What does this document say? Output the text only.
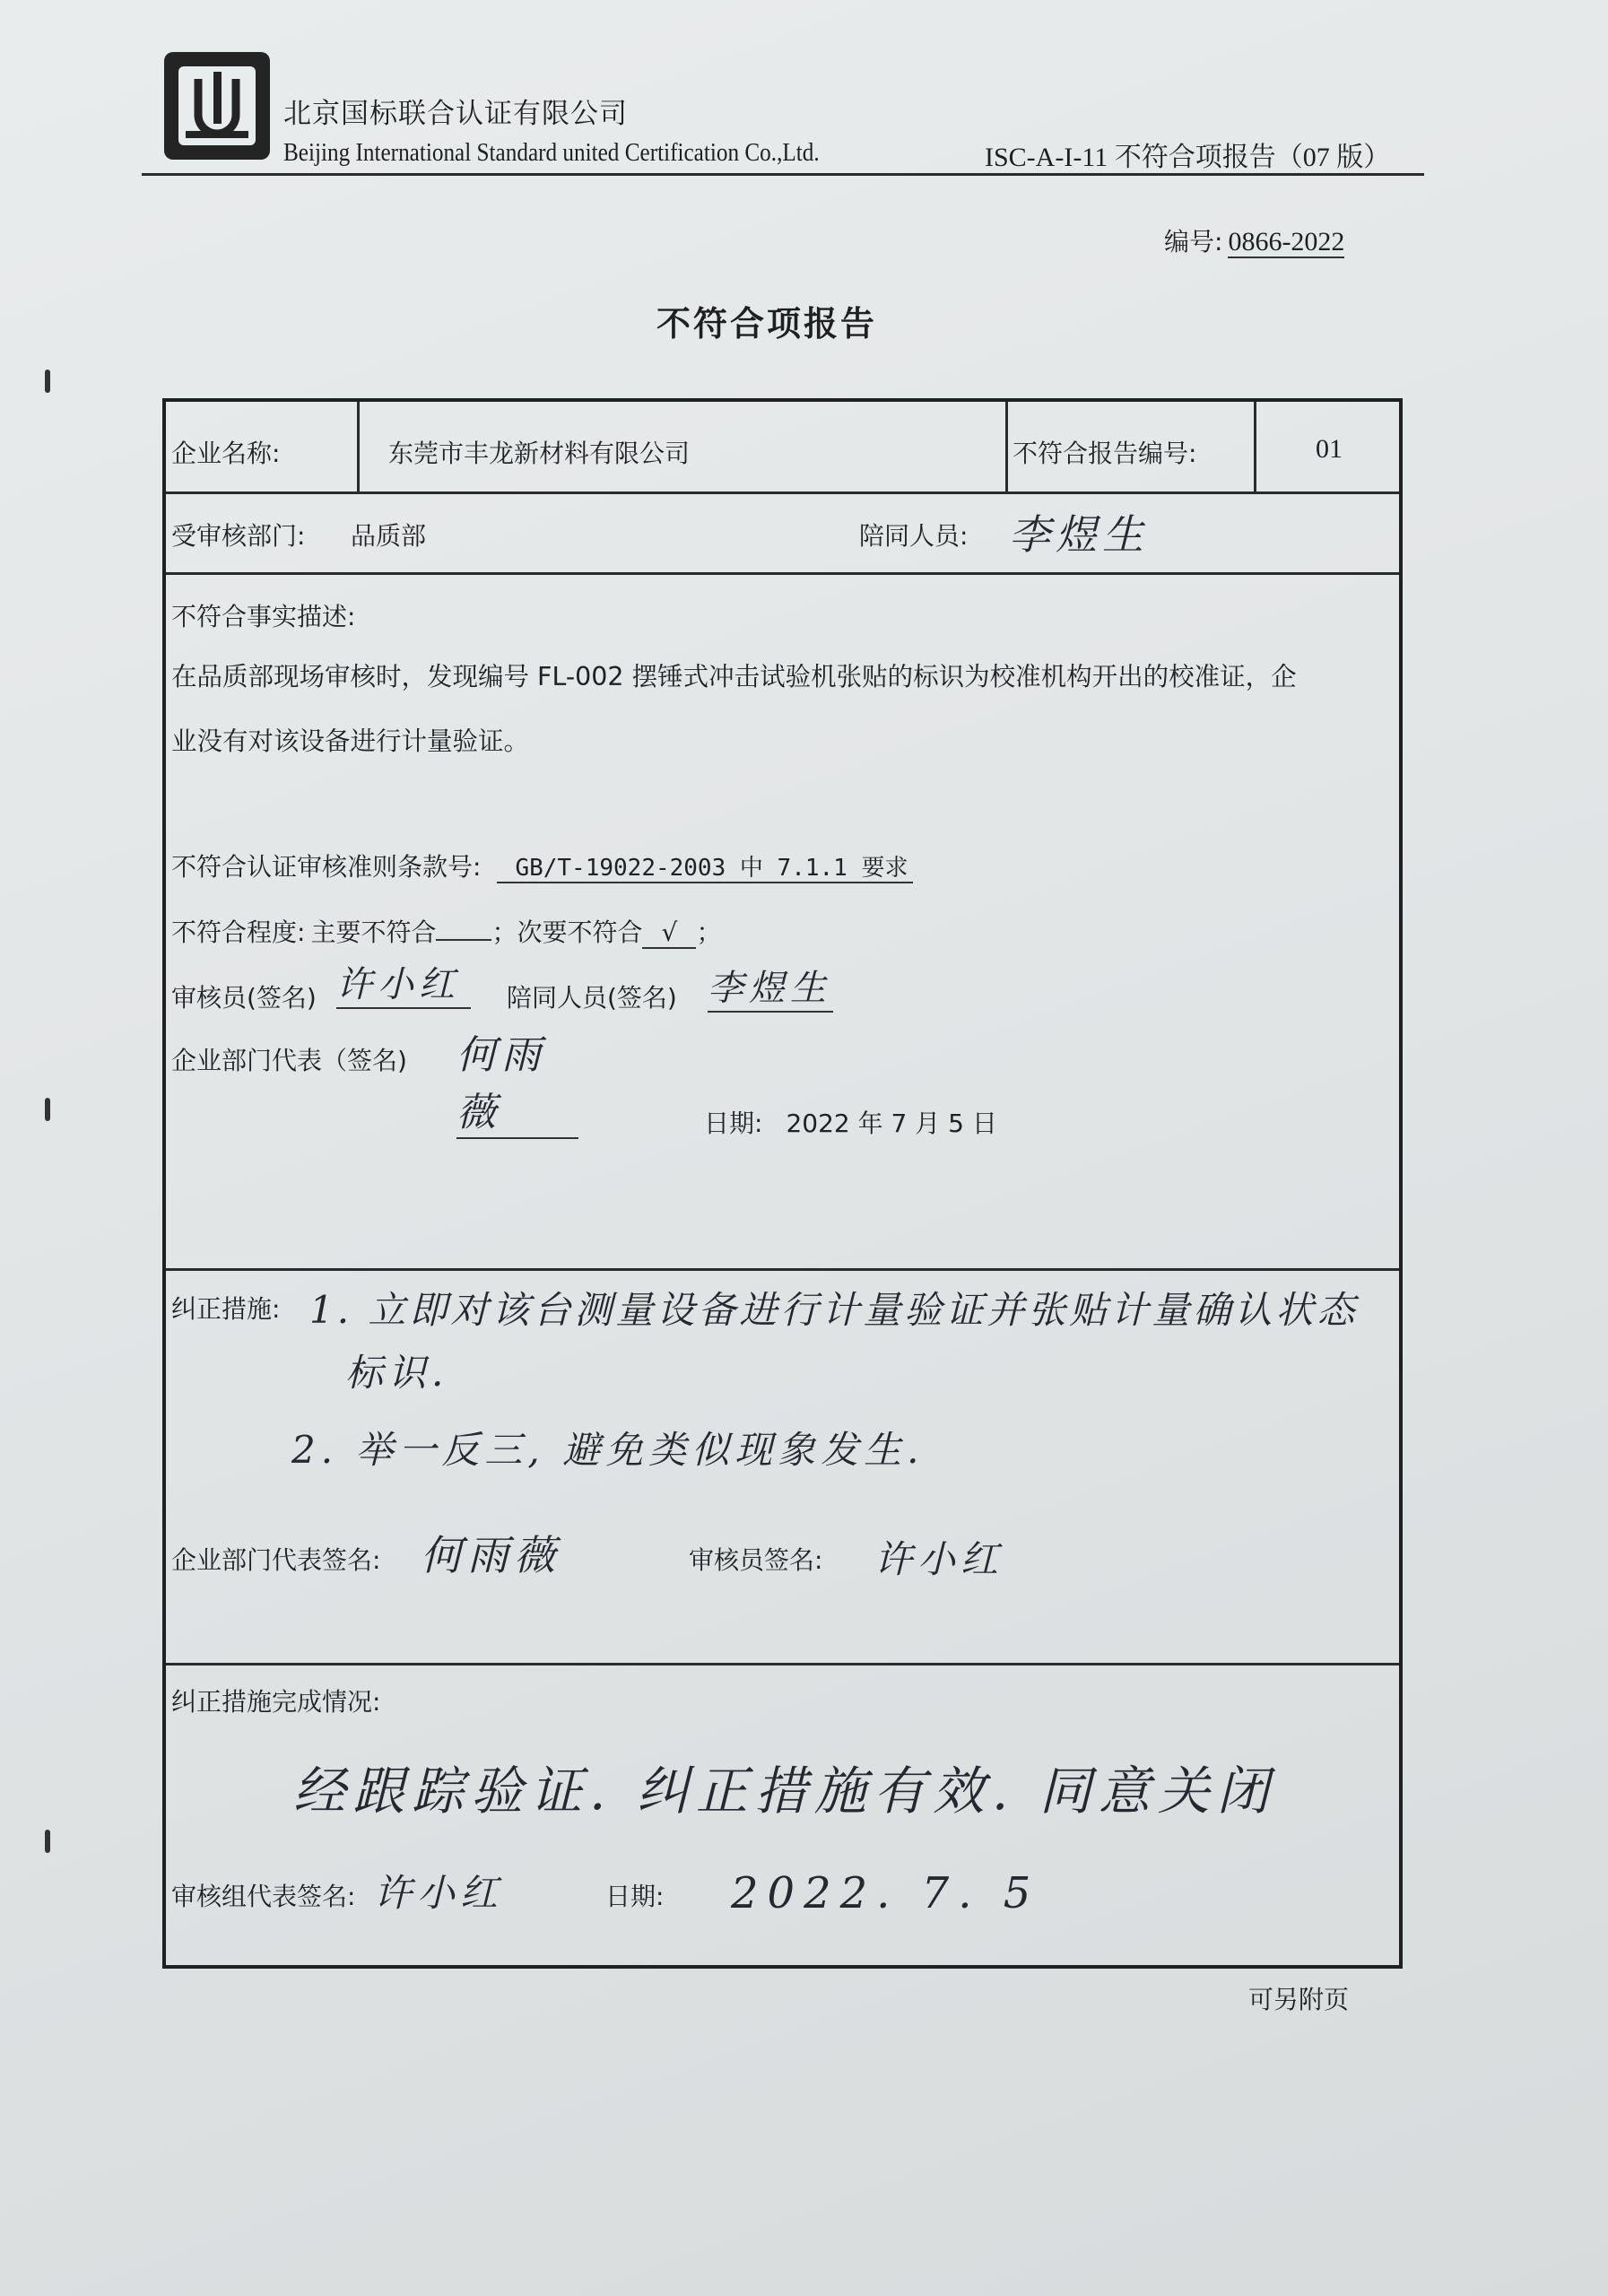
北京国标联合认证有限公司
Beijing International Standard united Certification Co.,Ltd.	ISC-A-I-11 不符合项报告（07 版）
编号: 0866-2022
不符合项报告
企业名称:	东莞市丰龙新材料有限公司	不符合报告编号:	01
受审核部门: 品质部	陪同人员: 李煜生
不符合事实描述:
在品质部现场审核时，发现编号 FL-002 摆锤式冲击试验机张贴的标识为校准机构开出的校准证，企
业没有对该设备进行计量验证。
不符合认证审核准则条款号: GB/T-19022-2003 中 7.1.1 要求
不符合程度: 主要不符合 ；次要不符合 √ ；
审核员(签名) 许小红	陪同人员(签名) 李煜生
企业部门代表（签名) 何雨薇	日期: 2022 年 7 月 5 日
纠正措施: 1. 立即对该台测量设备进行计量验证并张贴计量确认状态
标识.
2. 举一反三, 避免类似现象发生.
企业部门代表签名: 何雨薇	审核员签名: 许小红
纠正措施完成情况:
经跟踪验证. 纠正措施有效. 同意关闭
审核组代表签名: 许小红	日期: 2022. 7. 5
可另附页
